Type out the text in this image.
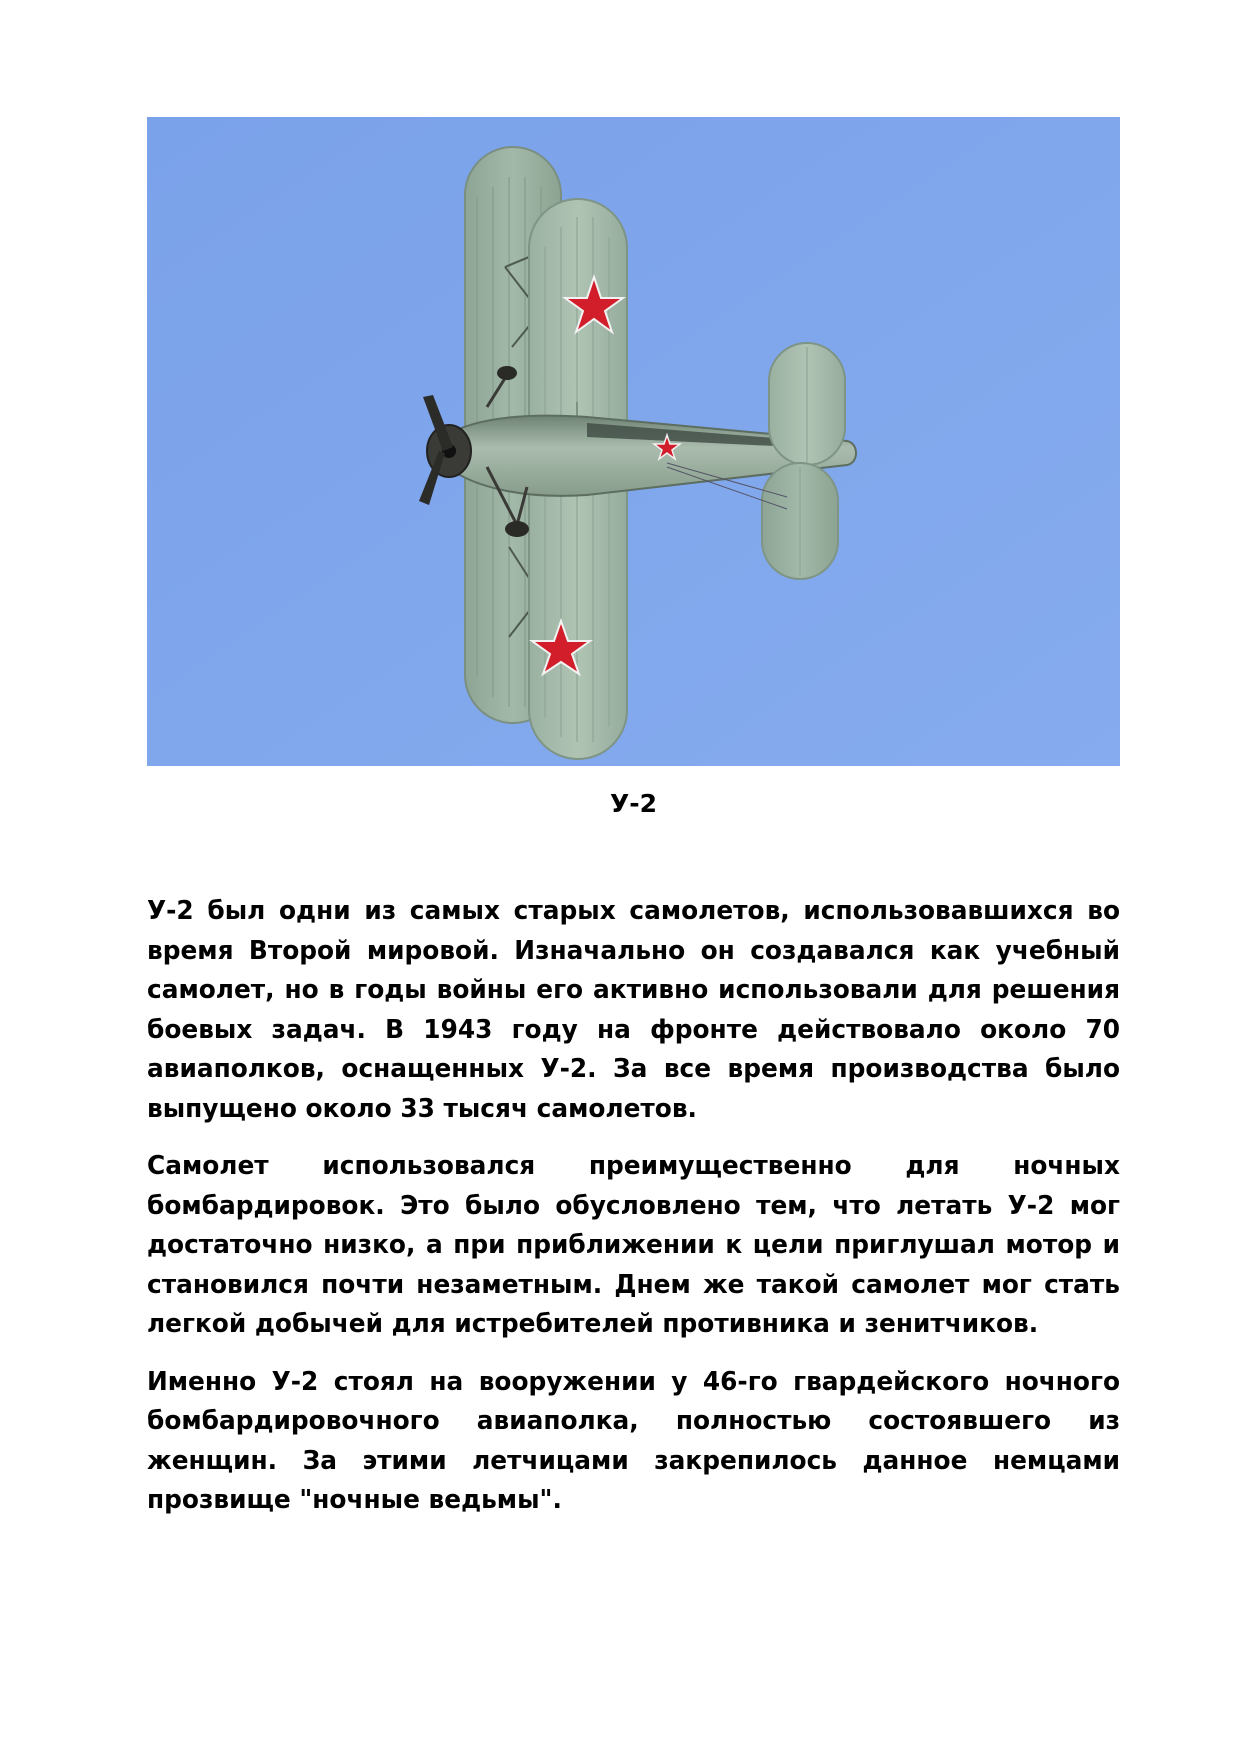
У-2

У-2 был одни из самых старых самолетов, использовавшихся во время Второй мировой. Изначально он создавался как учебный самолет, но в годы войны его активно использовали для решения боевых задач. В 1943 году на фронте действовало около 70 авиаполков, оснащенных У-2. За все время производства было выпущено около 33 тысяч самолетов.

Самолет использовался преимущественно для ночных бомбардировок. Это было обусловлено тем, что летать У-2 мог достаточно низко, а при приближении к цели приглушал мотор и становился почти незаметным. Днем же такой самолет мог стать легкой добычей для истребителей противника и зенитчиков.

Именно У-2 стоял на вооружении у 46-го гвардейского ночного бомбардировочного авиаполка, полностью состоявшего из женщин. За этими летчицами закрепилось данное немцами прозвище "ночные ведьмы".
